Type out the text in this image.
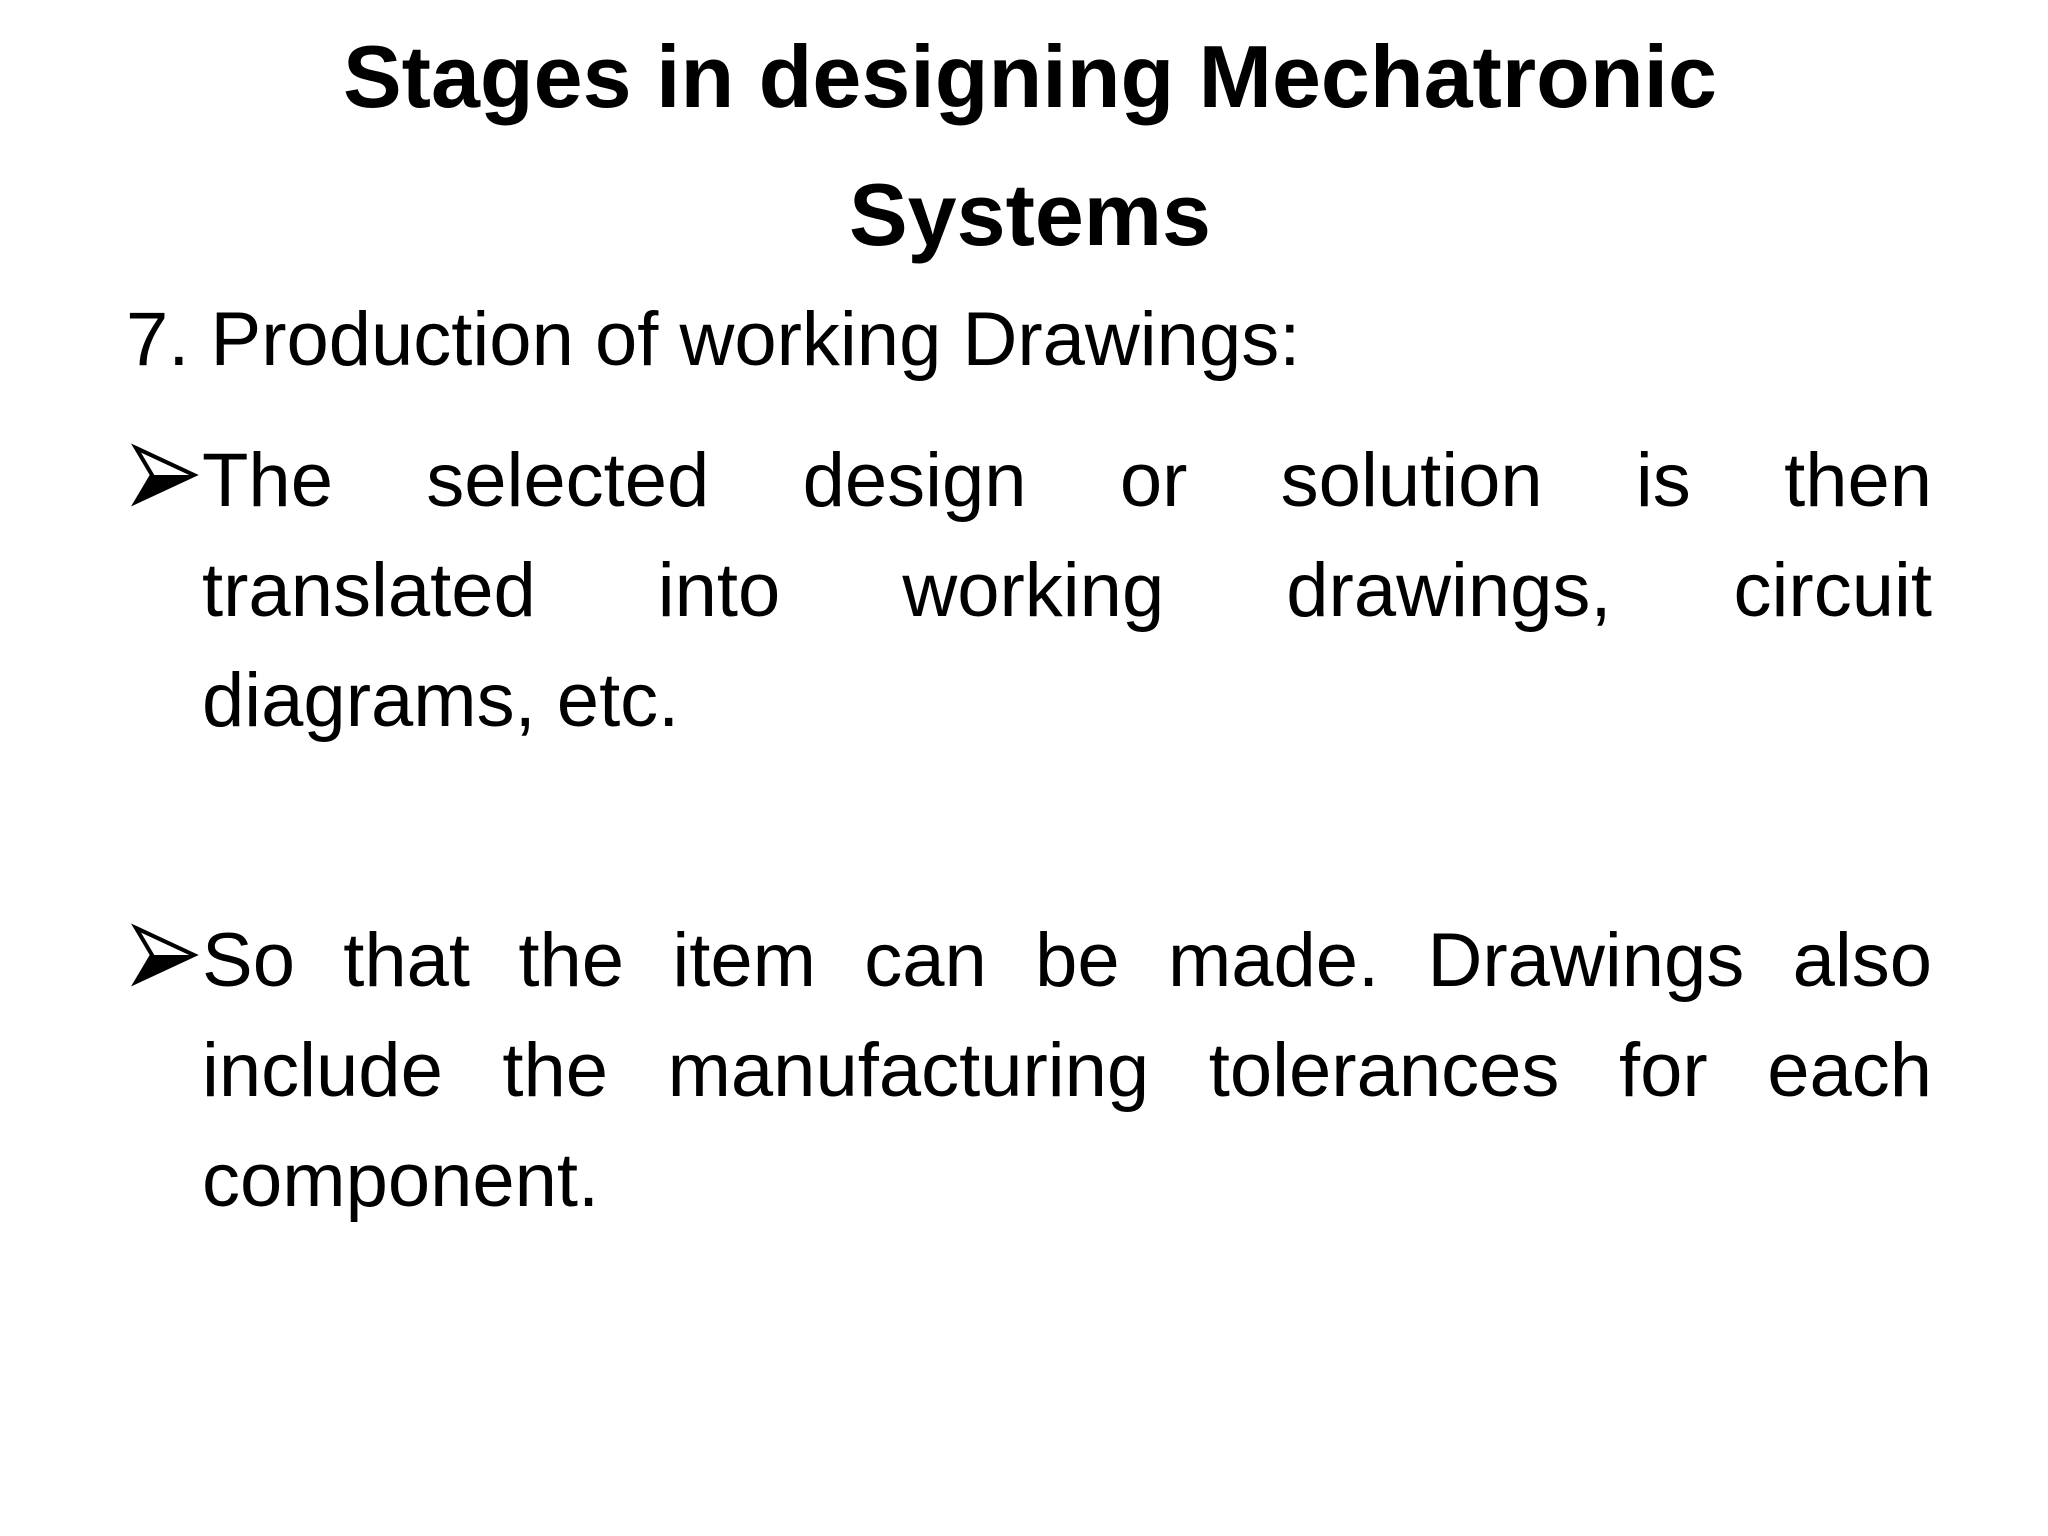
Stages in designing Mechatronic Systems

7. Production of working Drawings:

The selected design or solution is then
translated into working drawings, circuit
diagrams, etc.
So that the item can be made. Drawings also
include the manufacturing tolerances for each
component.
